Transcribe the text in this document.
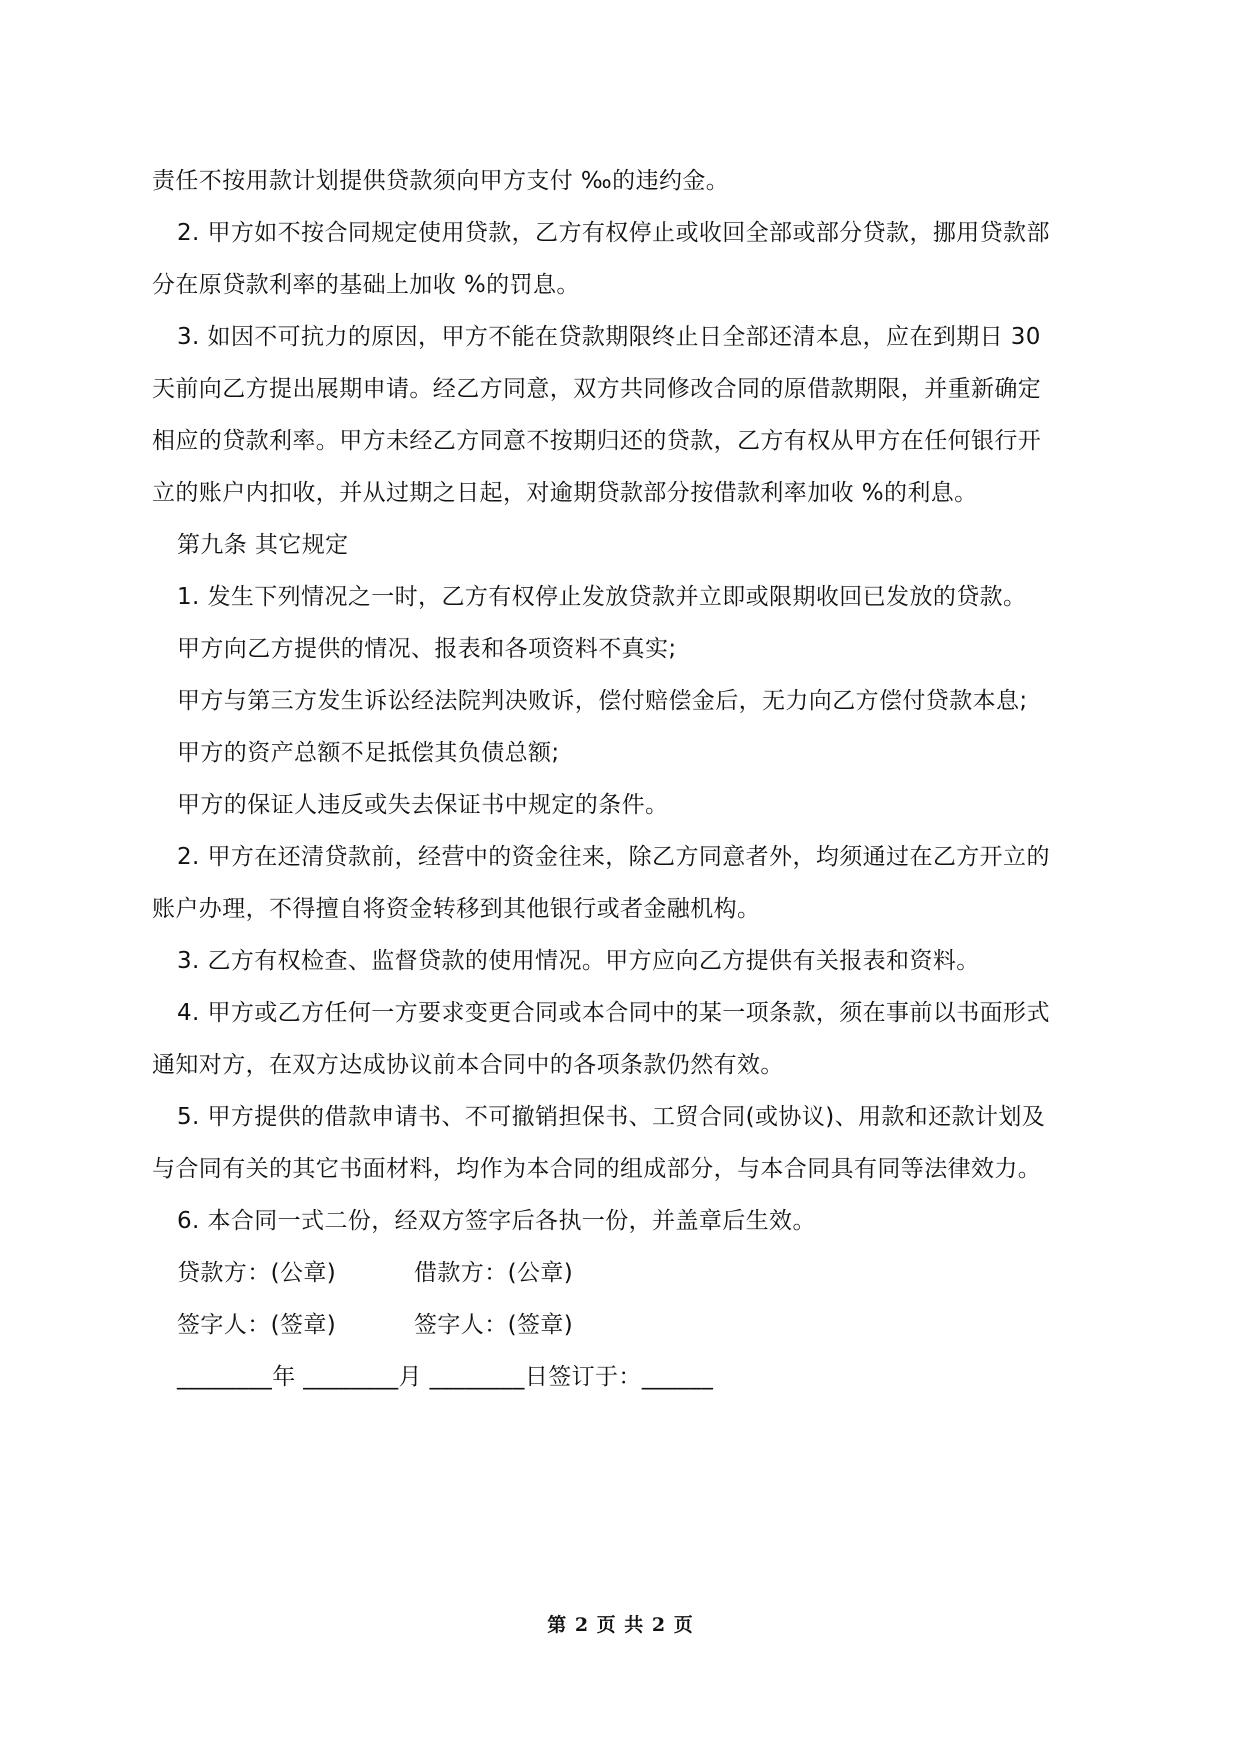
责任不按用款计划提供贷款须向甲方支付 ‰的违约金。
2. 甲方如不按合同规定使用贷款，乙方有权停止或收回全部或部分贷款，挪用贷款部
分在原贷款利率的基础上加收 %的罚息。
3. 如因不可抗力的原因，甲方不能在贷款期限终止日全部还清本息，应在到期日 30
天前向乙方提出展期申请。经乙方同意，双方共同修改合同的原借款期限，并重新确定
相应的贷款利率。甲方未经乙方同意不按期归还的贷款，乙方有权从甲方在任何银行开
立的账户内扣收，并从过期之日起，对逾期贷款部分按借款利率加收 %的利息。
第九条 其它规定
1. 发生下列情况之一时，乙方有权停止发放贷款并立即或限期收回已发放的贷款。
甲方向乙方提供的情况、报表和各项资料不真实;
甲方与第三方发生诉讼经法院判决败诉，偿付赔偿金后，无力向乙方偿付贷款本息;
甲方的资产总额不足抵偿其负债总额;
甲方的保证人违反或失去保证书中规定的条件。
2. 甲方在还清贷款前，经营中的资金往来，除乙方同意者外，均须通过在乙方开立的
账户办理，不得擅自将资金转移到其他银行或者金融机构。
3. 乙方有权检查、监督贷款的使用情况。甲方应向乙方提供有关报表和资料。
4. 甲方或乙方任何一方要求变更合同或本合同中的某一项条款，须在事前以书面形式
通知对方，在双方达成协议前本合同中的各项条款仍然有效。
5. 甲方提供的借款申请书、不可撤销担保书、工贸合同(或协议)、用款和还款计划及
与合同有关的其它书面材料，均作为本合同的组成部分，与本合同具有同等法律效力。
6. 本合同一式二份，经双方签字后各执一份，并盖章后生效。
贷款方：(公章)	借款方：(公章)
签字人：(签章)	签字人：(签章)
________年 ________月 ________日签订于：______
第 2 页 共 2 页
